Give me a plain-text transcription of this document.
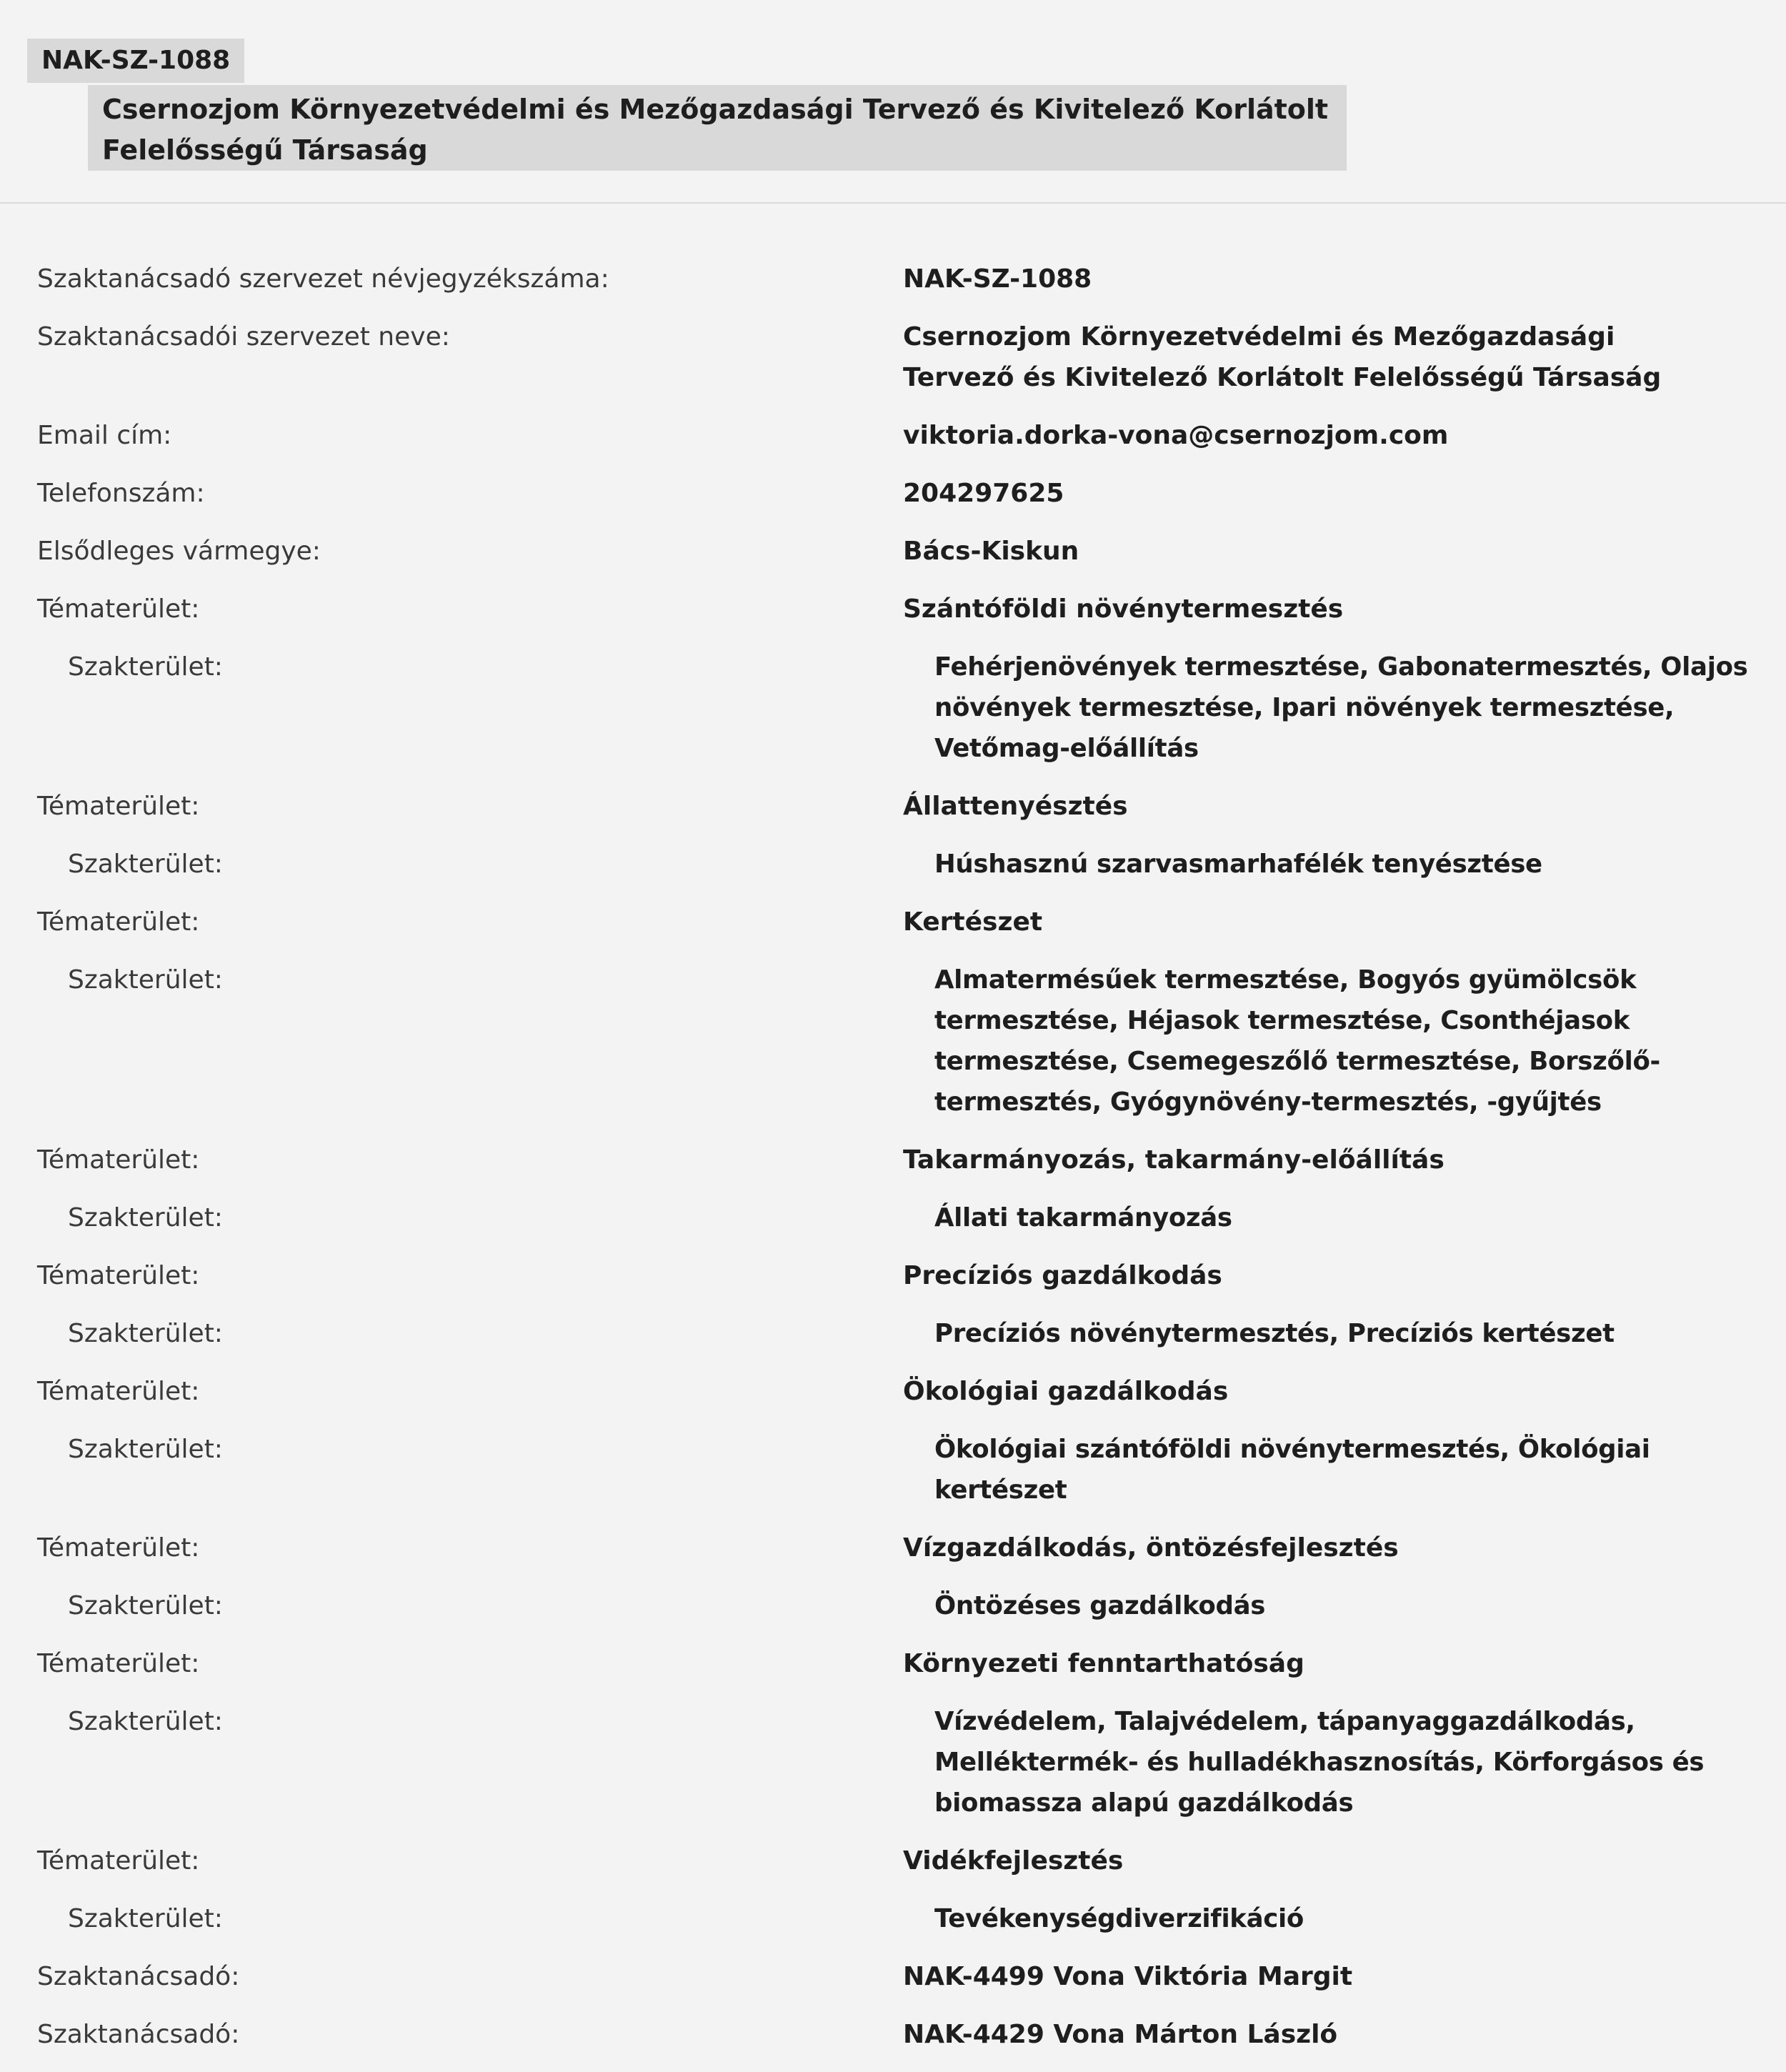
NAK-SZ-1088
Csernozjom Környezetvédelmi és Mezőgazdasági Tervező és Kivitelező Korlátolt Felelősségű Társaság
Szaktanácsadó szervezet névjegyzékszáma:	NAK-SZ-1088
Szaktanácsadói szervezet neve:	Csernozjom Környezetvédelmi és Mezőgazdasági Tervező és Kivitelező Korlátolt Felelősségű Társaság
Email cím:	viktoria.dorka-vona@csernozjom.com
Telefonszám:	204297625
Elsődleges vármegye:	Bács-Kiskun
Tématerület:	Szántóföldi növénytermesztés
Szakterület:	Fehérjenövények termesztése, Gabonatermesztés, Olajos növények termesztése, Ipari növények termesztése, Vetőmag-előállítás
Tématerület:	Állattenyésztés
Szakterület:	Húshasznú szarvasmarhafélék tenyésztése
Tématerület:	Kertészet
Szakterület:	Almatermésűek termesztése, Bogyós gyümölcsök termesztése, Héjasok termesztése, Csonthéjasok termesztése, Csemegeszőlő termesztése, Borszőlő-termesztés, Gyógynövény-termesztés, -gyűjtés
Tématerület:	Takarmányozás, takarmány-előállítás
Szakterület:	Állati takarmányozás
Tématerület:	Precíziós gazdálkodás
Szakterület:	Precíziós növénytermesztés, Precíziós kertészet
Tématerület:	Ökológiai gazdálkodás
Szakterület:	Ökológiai szántóföldi növénytermesztés, Ökológiai kertészet
Tématerület:	Vízgazdálkodás, öntözésfejlesztés
Szakterület:	Öntözéses gazdálkodás
Tématerület:	Környezeti fenntarthatóság
Szakterület:	Vízvédelem, Talajvédelem, tápanyaggazdálkodás, Melléktermék- és hulladékhasznosítás, Körforgásos és biomassza alapú gazdálkodás
Tématerület:	Vidékfejlesztés
Szakterület:	Tevékenységdiverzifikáció
Szaktanácsadó:	NAK-4499 Vona Viktória Margit
Szaktanácsadó:	NAK-4429 Vona Márton László
